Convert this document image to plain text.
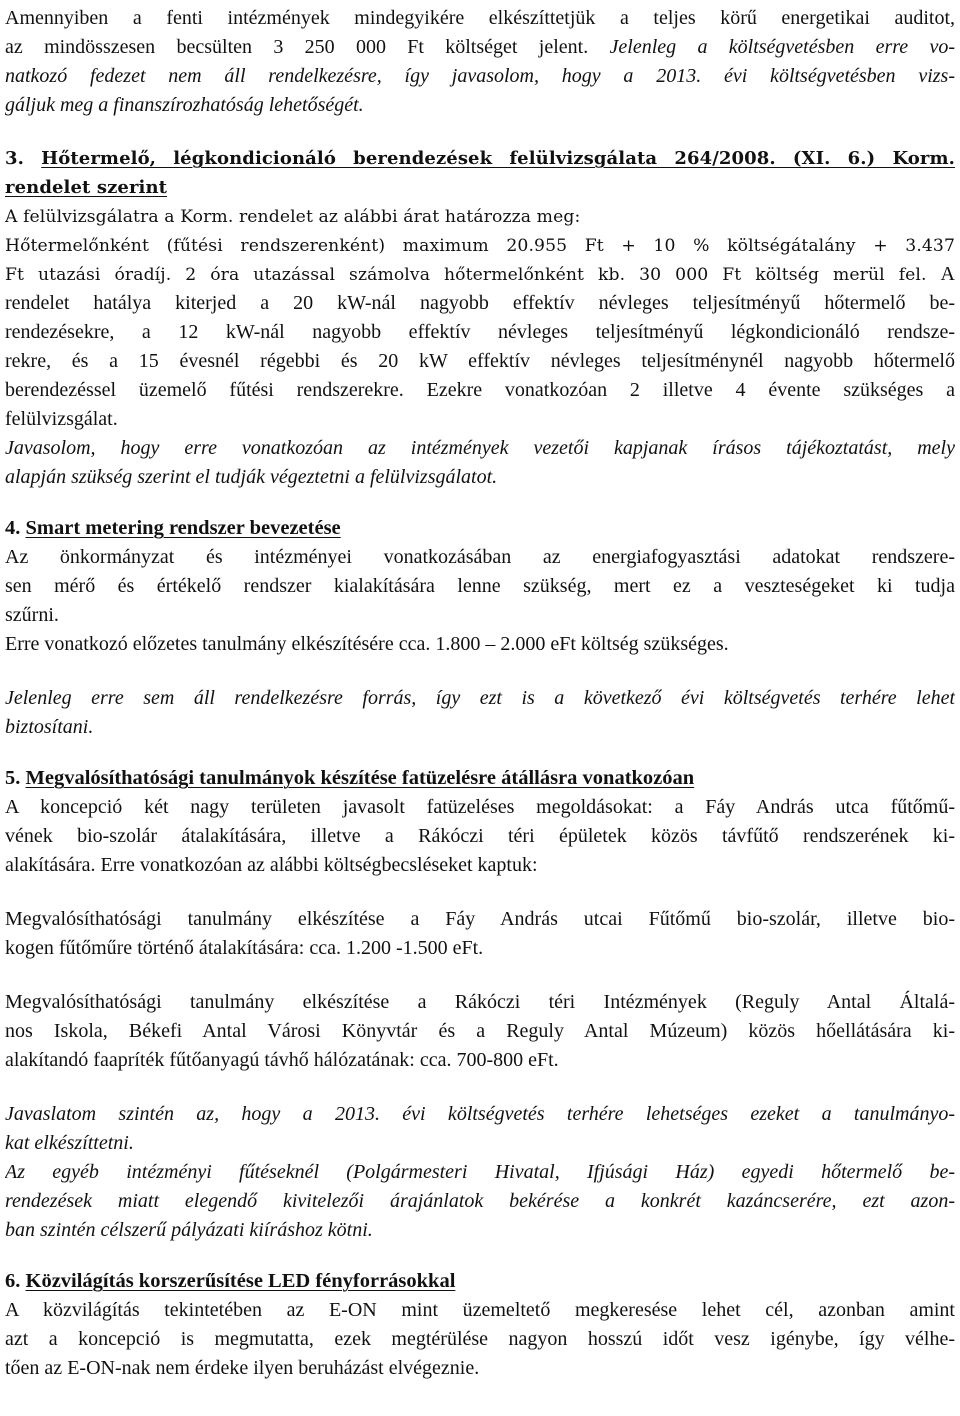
Amennyiben a fenti intézmények mindegyikére elkészíttetjük a teljes körű energetikai auditot,
az mindösszesen becsülten 3 250 000 Ft költséget jelent. Jelenleg a költségvetésben erre vo-
natkozó fedezet nem áll rendelkezésre, így javasolom, hogy a 2013. évi költségvetésben vizs-
gáljuk meg a finanszírozhatóság lehetőségét.
3. Hőtermelő, légkondicionáló berendezések felülvizsgálata 264/2008. (XI. 6.) Korm.
rendelet szerint
A felülvizsgálatra a Korm. rendelet az alábbi árat határozza meg:
Hőtermelőnként (fűtési rendszerenként) maximum 20.955 Ft + 10 % költségátalány + 3.437
Ft utazási óradíj. 2 óra utazással számolva hőtermelőnként kb. 30 000 Ft költség merül fel. A
rendelet hatálya kiterjed a 20 kW-nál nagyobb effektív névleges teljesítményű hőtermelő be-
rendezésekre, a 12 kW-nál nagyobb effektív névleges teljesítményű légkondicionáló rendsze-
rekre, és a 15 évesnél régebbi és 20 kW effektív névleges teljesítménynél nagyobb hőtermelő
berendezéssel üzemelő fűtési rendszerekre. Ezekre vonatkozóan 2 illetve 4 évente szükséges a
felülvizsgálat.
Javasolom, hogy erre vonatkozóan az intézmények vezetői kapjanak írásos tájékoztatást, mely
alapján szükség szerint el tudják végeztetni a felülvizsgálatot.
4. Smart metering rendszer bevezetése
Az önkormányzat és intézményei vonatkozásában az energiafogyasztási adatokat rendszere-
sen mérő és értékelő rendszer kialakítására lenne szükség, mert ez a veszteségeket ki tudja
szűrni.
Erre vonatkozó előzetes tanulmány elkészítésére cca. 1.800 – 2.000 eFt költség szükséges.
Jelenleg erre sem áll rendelkezésre forrás, így ezt is a következő évi költségvetés terhére lehet
biztosítani.
5. Megvalósíthatósági tanulmányok készítése fatüzelésre átállásra vonatkozóan
A koncepció két nagy területen javasolt fatüzeléses megoldásokat: a Fáy András utca fűtőmű-
vének bio-szolár átalakítására, illetve a Rákóczi téri épületek közös távfűtő rendszerének ki-
alakítására. Erre vonatkozóan az alábbi költségbecsléseket kaptuk:
Megvalósíthatósági tanulmány elkészítése a Fáy András utcai Fűtőmű bio-szolár, illetve bio-
kogen fűtőműre történő átalakítására: cca. 1.200 -1.500 eFt.
Megvalósíthatósági tanulmány elkészítése a Rákóczi téri Intézmények (Reguly Antal Általá-
nos Iskola, Békefi Antal Városi Könyvtár és a Reguly Antal Múzeum) közös hőellátására ki-
alakítandó faapríték fűtőanyagú távhő hálózatának: cca. 700-800 eFt.
Javaslatom szintén az, hogy a 2013. évi költségvetés terhére lehetséges ezeket a tanulmányo-
kat elkészíttetni.
Az egyéb intézményi fűtéseknél (Polgármesteri Hivatal, Ifjúsági Ház) egyedi hőtermelő be-
rendezések miatt elegendő kivitelezői árajánlatok bekérése a konkrét kazáncserére, ezt azon-
ban szintén célszerű pályázati kiíráshoz kötni.
6. Közvilágítás korszerűsítése LED fényforrásokkal
A közvilágítás tekintetében az E-ON mint üzemeltető megkeresése lehet cél, azonban amint
azt a koncepció is megmutatta, ezek megtérülése nagyon hosszú időt vesz igénybe, így vélhe-
tően az E-ON-nak nem érdeke ilyen beruházást elvégeznie.
